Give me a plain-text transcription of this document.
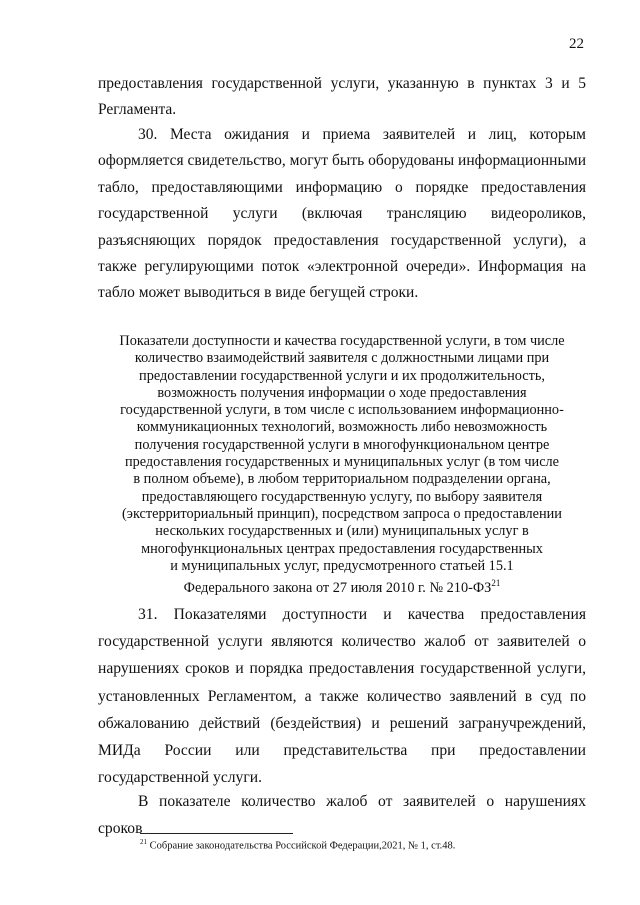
22

предоставления государственной услуги, указанную в пунктах 3 и 5 Регламента.

30. Места ожидания и приема заявителей и лиц, которым оформляется свидетельство, могут быть оборудованы информационными табло, предоставляющими информацию о порядке предоставления государственной услуги (включая трансляцию видеороликов, разъясняющих порядок предоставления государственной услуги), а также регулирующими поток «электронной очереди». Информация на табло может выводиться в виде бегущей строки.

Показатели доступности и качества государственной услуги, в том числе
количество взаимодействий заявителя с должностными лицами при
предоставлении государственной услуги и их продолжительность,
возможность получения информации о ходе предоставления
государственной услуги, в том числе с использованием информационно-
коммуникационных технологий, возможность либо невозможность
получения государственной услуги в многофункциональном центре
предоставления государственных и муниципальных услуг (в том числе
в полном объеме), в любом территориальном подразделении органа,
предоставляющего государственную услугу, по выбору заявителя
(экстерриториальный принцип), посредством запроса о предоставлении
нескольких государственных и (или) муниципальных услуг в
многофункциональных центрах предоставления государственных
и муниципальных услуг, предусмотренного статьей 15.1
Федерального закона от 27 июля 2010 г. № 210-ФЗ$^{21}$

31. Показателями доступности и качества предоставления государственной услуги являются количество жалоб от заявителей о нарушениях сроков и порядка предоставления государственной услуги, установленных Регламентом, а также количество заявлений в суд по обжалованию действий (бездействия) и решений загранучреждений, МИДа России или представительства при предоставлении государственной услуги.

В показателе количество жалоб от заявителей о нарушениях сроков

$^{21}$ Собрание законодательства Российской Федерации,2021, № 1, ст.48.
